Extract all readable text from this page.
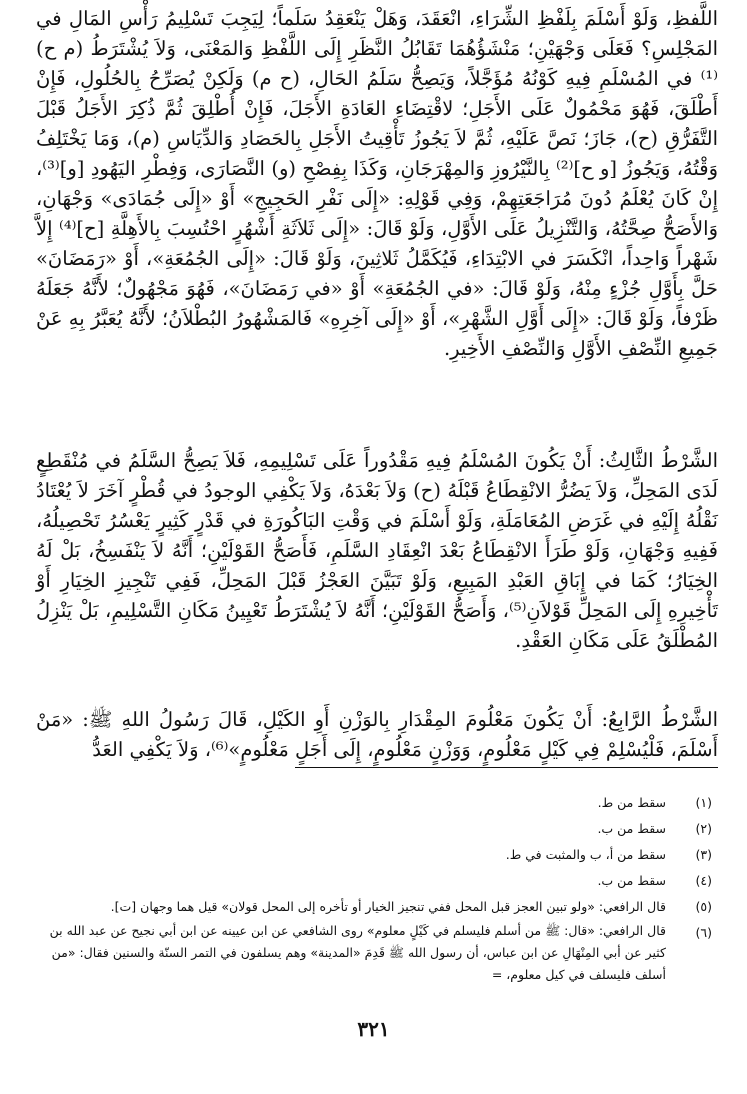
اللَّفظِ، وَلَوْ أَسْلَمَ بِلَفْظِ الشِّرَاءِ، انْعَقَدَ، وَهَلْ يَنْعَقِدُ سَلَماً؛ لِيَجِبَ تَسْلِيمُ رَأْسِ المَالِ في المَجْلِسِ؟ فَعَلَى وَجْهَيْنِ؛ مَنْشَؤُهُمَا تَقَابُلُ النَّظَرِ إِلَى اللَّفْظِ وَالمَعْنَى، وَلاَ يُشْتَرَطُ (م ح)⁽¹⁾ في المُسْلَمِ فِيهِ كَوْنُهُ مُؤَجَّلاً، وَيَصِحُّ سَلَمُ الحَالِ، (ح م) وَلَكِنْ يُصَرِّحُ بِالحُلُولِ، فَإِنْ أَطْلَقَ، فَهُوَ مَحْمُولٌ عَلَى الأَجَلِ؛ لاقْتِضَاءِ العَادَةِ الأَجَلَ، فَإِنْ أُطْلِقَ ثُمَّ ذُكِرَ الأَجَلُ قَبْلَ التَّفَرُّقِ (ح)، جَازَ؛ نَصَّ عَلَيْهِ، ثُمَّ لاَ يَجُوزُ تَأْقِيتُ الأَجَلِ بِالحَصَادِ وَالدِّيَاسِ (م)، وَمَا يَخْتَلِفُ وَقْتُهُ، وَيَجُوزُ [و ح]⁽²⁾ بِالنَّيْرُوزِ وَالمِهْرَجَانِ، وَكَذَا بِفِصْحِ (و) النَّصَارَى، وَفِطْرِ اليَهُودِ [و]⁽³⁾، إِنْ كَانَ يُعْلَمُ دُونَ مُرَاجَعَتِهِمْ، وَفِي قَوْلِهِ: «إِلَى نَفْرِ الحَجِيجِ» أَوْ «إِلَى جُمَادَى» وَجْهَانِ، وَالأَصَحُّ صِحَّتُهُ، وَالتَّنْزِيلُ عَلَى الأَوَّلِ، وَلَوْ قَالَ: «إِلَى ثَلاَثَةِ أَشْهُرٍ احْتُسِبَ بِالأَهِلَّةِ [ح]⁽⁴⁾ إِلاَّ شَهْراً وَاحِداً، انْكَسَرَ في الابْتِدَاءِ، فَيُكَمَّلُ ثَلاثِينَ، وَلَوْ قَالَ: «إِلَى الجُمُعَةِ»، أَوْ «رَمَضَانَ» حَلَّ بِأَوَّلِ جُزْءٍ مِنْهُ، وَلَوْ قَالَ: «في الجُمُعَةِ» أَوْ «في رَمَضَانَ»، فَهُوَ مَجْهُولٌ؛ لأَنَّهُ جَعَلَهُ ظَرْفاً، وَلَوْ قَالَ: «إِلَى أَوَّلِ الشَّهْرِ»، أَوْ «إِلَى آخِرِهِ» فَالمَشْهُورُ البُطْلاَنُ؛ لأَنَّهُ يُعَبَّرُ بِهِ عَنْ جَمِيعِ النِّصْفِ الأَوَّلِ وَالنِّصْفِ الأَخِيرِ.

الشَّرْطُ الثَّالِثُ: أَنْ يَكُونَ المُسْلَمُ فِيهِ مَقْدُوراً عَلَى تَسْلِيمِهِ، فَلاَ يَصِحُّ السَّلَمُ في مُنْقَطِعٍ لَدَى المَحِلِّ، وَلاَ يَضُرُّ الانْقِطَاعُ قَبْلَهُ (ح) وَلاَ بَعْدَهُ، وَلاَ يَكْفِي الوجودُ في قُطْرٍ آخَرَ لاَ يُعْتَادُ نَقْلُهُ إِلَيْهِ في غَرَضِ المُعَامَلَةِ، وَلَوْ أَسْلَمَ في وَقْتِ البَاكُورَةِ في قَدْرٍ كَثِيرٍ يَعْسُرُ تَحْصِيلُهُ، فَفِيهِ وَجْهَانِ، وَلَوْ طَرَأَ الانْقِطَاعُ بَعْدَ انْعِقَادِ السَّلَمِ، فَأَصَحُّ القَوْلَيْنِ؛ أَنَّهُ لاَ يَنْفَسِخُ، بَلْ لَهُ الخِيَارُ؛ كَمَا في إِبَاقِ العَبْدِ المَبِيعِ، وَلَوْ تَبَيَّنَ العَجْزُ قَبْلَ المَحِلِّ، فَفِي تَنْجِيزِ الخِيَارِ أَوْ تَأْخِيرِهِ إِلَى المَحِلِّ قَوْلاَنِ⁽⁵⁾، وَأَصَحُّ القَوْلَيْنِ؛ أَنَّهُ لاَ يُشْتَرَطُ تَعْيِينُ مَكَانِ التَّسْلِيمِ، بَلْ يَنْزِلُ المُطْلَقُ عَلَى مَكَانِ العَقْدِ.

الشَّرْطُ الرَّابِعُ: أَنْ يَكُونَ مَعْلُومَ المِقْدَارِ بِالوَزْنِ أَوِ الكَيْلِ، قَالَ رَسُولُ اللهِ ﷺ: «مَنْ أَسْلَمَ، فَلْيُسْلِمْ فِي كَيْلٍ مَعْلُومٍ، وَوَزْنٍ مَعْلُومٍ، إِلَى أَجَلٍ مَعْلُومٍ»⁽⁶⁾، وَلاَ يَكْفِي العَدُّ

(١)
سقط من ط.
(٢)
سقط من ب.
(٣)
سقط من أ، ب والمثبت في ط.
(٤)
سقط من ب.
(٥)
قال الرافعي: «ولو تبين العجز قبل المحل ففي تنجيز الخيار أو تأخره إلى المحل قولان» قيل هما وجهان [ت].
(٦)
قال الرافعي: «قال: ﷺ من أسلم فليسلم في كَيْلٍ معلوم» روى الشافعي عن ابن عيينه عن ابن أبي نجيح عن عبد الله بن كثير عن أبي المِنْهَالِ عن ابن عباس، أن رسول الله ﷺ قَدِمَ «المدينة» وهم يسلفون في التمر السنّة والسنين فقال: «من أسلف فليسلف في كيل معلوم، =
٣٢١
